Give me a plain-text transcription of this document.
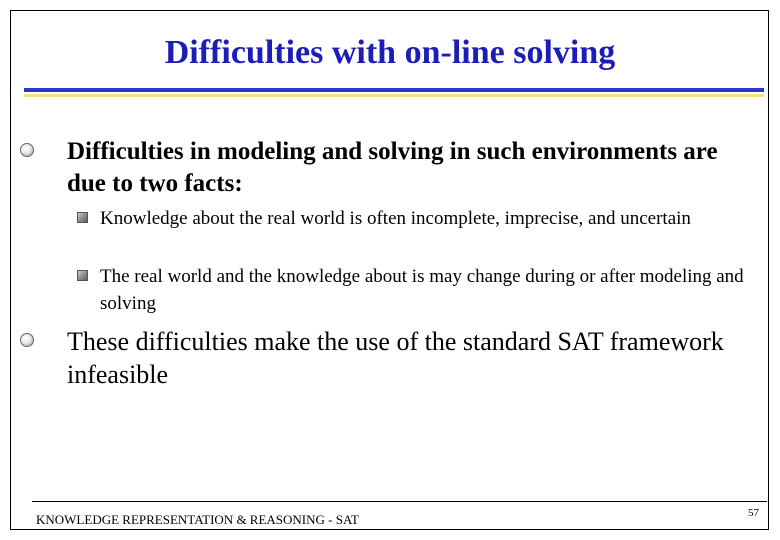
Difficulties with on-line solving
Difficulties in modeling and solving in such environments are due to two facts:
Knowledge about the real world is often incomplete, imprecise, and uncertain
The real world and the knowledge about is may change during or after modeling and solving
These difficulties make the use of the standard SAT framework infeasible
KNOWLEDGE REPRESENTATION & REASONING - SAT	57
